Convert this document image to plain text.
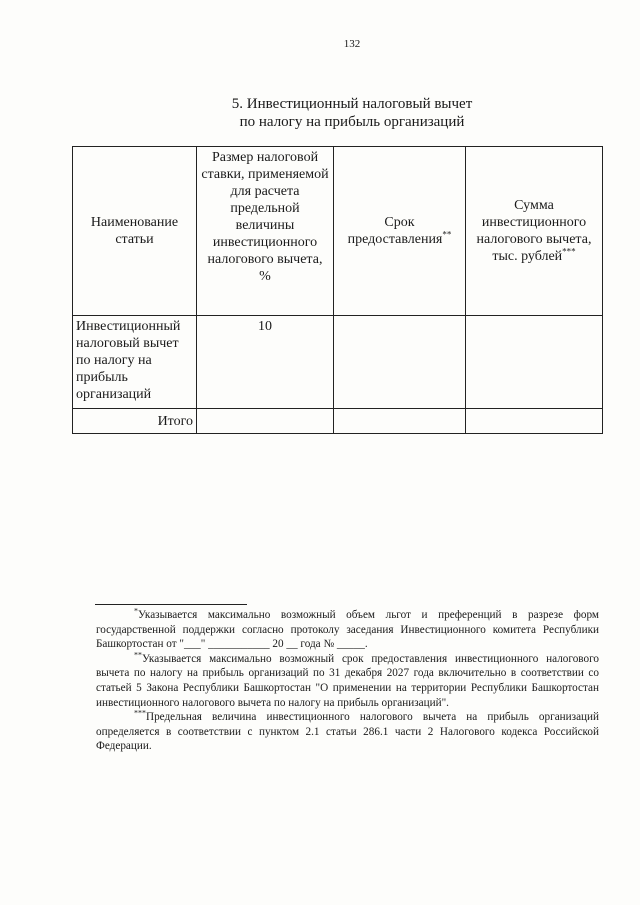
132
5. Инвестиционный налоговый вычет
по налогу на прибыль организаций
Наименование статьи	Размер налоговой ставки, применяемой для расчета предельной величины инвестиционного налогового вычета, %	Срок предоставления**	Сумма инвестиционного налогового вычета, тыс. рублей***
Инвестиционный налоговый вычет по налогу на прибыль организаций	10		
Итого			

*Указывается максимально возможный объем льгот и преференций в разрезе форм государственной поддержки согласно протоколу заседания Инвестиционного комитета Республики Башкортостан от "___" ___________ 20 __ года № _____.

**Указывается максимально возможный срок предоставления инвестиционного налогового вычета по налогу на прибыль организаций по 31 декабря 2027 года включительно в соответствии со статьей 5 Закона Республики Башкортостан "О применении на территории Республики Башкортостан инвестиционного налогового вычета по налогу на прибыль организаций".

***Предельная величина инвестиционного налогового вычета на прибыль организаций определяется в соответствии с пунктом 2.1 статьи 286.1 части 2 Налогового кодекса Российской Федерации.
